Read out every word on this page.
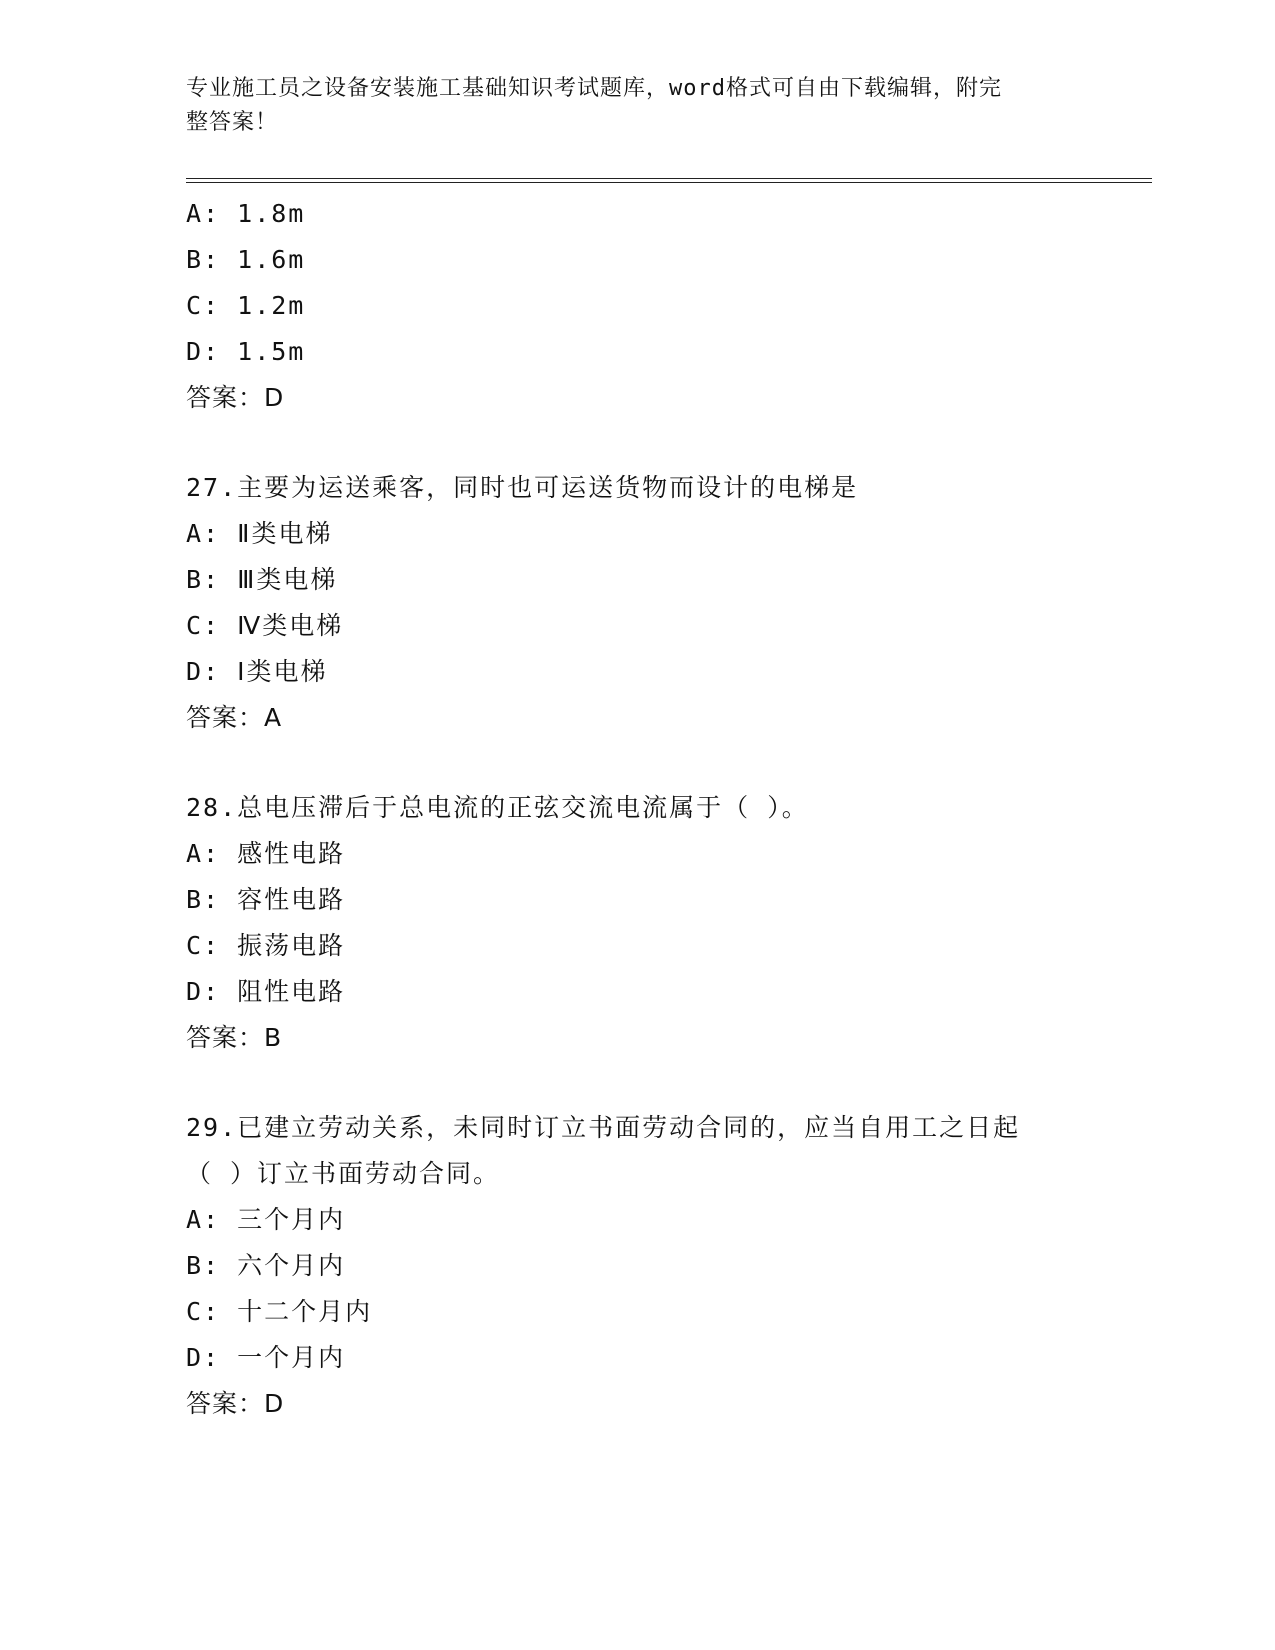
专业施工员之设备安装施工基础知识考试题库，word格式可自由下载编辑，附完
整答案！
A: 1.8m
B: 1.6m
C: 1.2m
D: 1.5m
答案：D
27.主要为运送乘客，同时也可运送货物而设计的电梯是
A: Ⅱ类电梯
B: Ⅲ类电梯
C: Ⅳ类电梯
D: Ⅰ类电梯
答案：A
28.总电压滞后于总电流的正弦交流电流属于（ ）。
A: 感性电路
B: 容性电路
C: 振荡电路
D: 阻性电路
答案：B
29.已建立劳动关系，未同时订立书面劳动合同的，应当自用工之日起
（ ）订立书面劳动合同。
A: 三个月内
B: 六个月内
C: 十二个月内
D: 一个月内
答案：D
